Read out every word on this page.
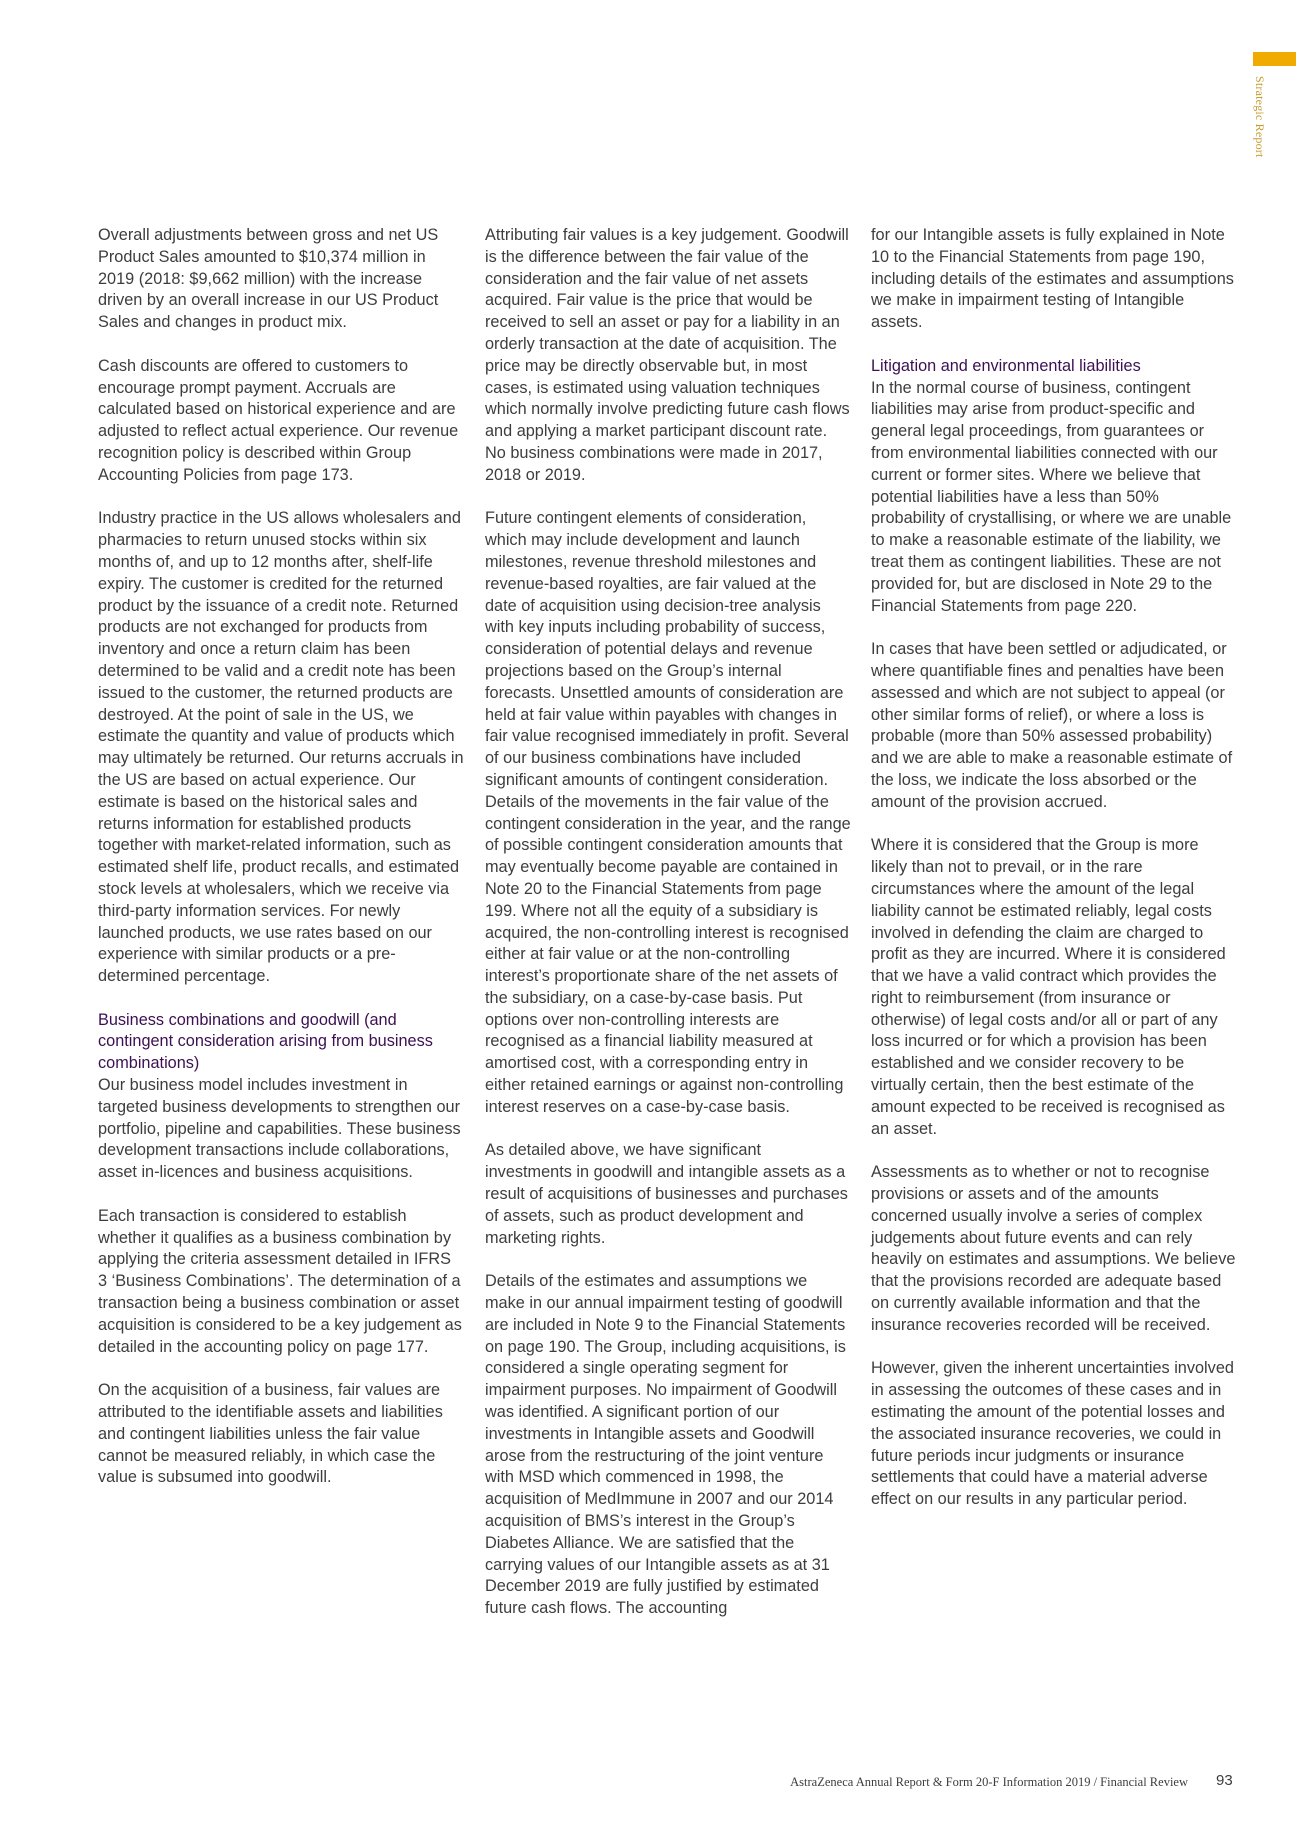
Strategic Report

Overall adjustments between gross and net US Product Sales amounted to $10,374 million in 2019 (2018: $9,662 million) with the increase driven by an overall increase in our US Product Sales and changes in product mix.

Cash discounts are offered to customers to encourage prompt payment. Accruals are calculated based on historical experience and are adjusted to reflect actual experience. Our revenue recognition policy is described within Group Accounting Policies from page 173.

Industry practice in the US allows wholesalers and pharmacies to return unused stocks within six months of, and up to 12 months after, shelf-life expiry. The customer is credited for the returned product by the issuance of a credit note. Returned products are not exchanged for products from inventory and once a return claim has been determined to be valid and a credit note has been issued to the customer, the returned products are destroyed. At the point of sale in the US, we estimate the quantity and value of products which may ultimately be returned. Our returns accruals in the US are based on actual experience. Our estimate is based on the historical sales and returns information for established products together with market-related information, such as estimated shelf life, product recalls, and estimated stock levels at wholesalers, which we receive via third-party information services. For newly launched products, we use rates based on our experience with similar products or a pre-determined percentage.

Business combinations and goodwill (and contingent consideration arising from business combinations)

Our business model includes investment in targeted business developments to strengthen our portfolio, pipeline and capabilities. These business development transactions include collaborations, asset in-licences and business acquisitions.

Each transaction is considered to establish whether it qualifies as a business combination by applying the criteria assessment detailed in IFRS 3 ‘Business Combinations’. The determination of a transaction being a business combination or asset acquisition is considered to be a key judgement as detailed in the accounting policy on page 177.

On the acquisition of a business, fair values are attributed to the identifiable assets and liabilities and contingent liabilities unless the fair value cannot be measured reliably, in which case the value is subsumed into goodwill.

Attributing fair values is a key judgement. Goodwill is the difference between the fair value of the consideration and the fair value of net assets acquired. Fair value is the price that would be received to sell an asset or pay for a liability in an orderly transaction at the date of acquisition. The price may be directly observable but, in most cases, is estimated using valuation techniques which normally involve predicting future cash flows and applying a market participant discount rate. No business combinations were made in 2017, 2018 or 2019.

Future contingent elements of consideration, which may include development and launch milestones, revenue threshold milestones and revenue-based royalties, are fair valued at the date of acquisition using decision-tree analysis with key inputs including probability of success, consideration of potential delays and revenue projections based on the Group’s internal forecasts. Unsettled amounts of consideration are held at fair value within payables with changes in fair value recognised immediately in profit. Several of our business combinations have included significant amounts of contingent consideration. Details of the movements in the fair value of the contingent consideration in the year, and the range of possible contingent consideration amounts that may eventually become payable are contained in Note 20 to the Financial Statements from page 199. Where not all the equity of a subsidiary is acquired, the non-controlling interest is recognised either at fair value or at the non-controlling interest’s proportionate share of the net assets of the subsidiary, on a case-by-case basis. Put options over non-controlling interests are recognised as a financial liability measured at amortised cost, with a corresponding entry in either retained earnings or against non-controlling interest reserves on a case-by-case basis.

As detailed above, we have significant investments in goodwill and intangible assets as a result of acquisitions of businesses and purchases of assets, such as product development and marketing rights.

Details of the estimates and assumptions we make in our annual impairment testing of goodwill are included in Note 9 to the Financial Statements on page 190. The Group, including acquisitions, is considered a single operating segment for impairment purposes. No impairment of Goodwill was identified. A significant portion of our investments in Intangible assets and Goodwill arose from the restructuring of the joint venture with MSD which commenced in 1998, the acquisition of MedImmune in 2007 and our 2014 acquisition of BMS’s interest in the Group’s Diabetes Alliance. We are satisfied that the carrying values of our Intangible assets as at 31 December 2019 are fully justified by estimated future cash flows. The accounting

for our Intangible assets is fully explained in Note 10 to the Financial Statements from page 190, including details of the estimates and assumptions we make in impairment testing of Intangible assets.

Litigation and environmental liabilities

In the normal course of business, contingent liabilities may arise from product-specific and general legal proceedings, from guarantees or from environmental liabilities connected with our current or former sites. Where we believe that potential liabilities have a less than 50% probability of crystallising, or where we are unable to make a reasonable estimate of the liability, we treat them as contingent liabilities. These are not provided for, but are disclosed in Note 29 to the Financial Statements from page 220.

In cases that have been settled or adjudicated, or where quantifiable fines and penalties have been assessed and which are not subject to appeal (or other similar forms of relief), or where a loss is probable (more than 50% assessed probability) and we are able to make a reasonable estimate of the loss, we indicate the loss absorbed or the amount of the provision accrued.

Where it is considered that the Group is more likely than not to prevail, or in the rare circumstances where the amount of the legal liability cannot be estimated reliably, legal costs involved in defending the claim are charged to profit as they are incurred. Where it is considered that we have a valid contract which provides the right to reimbursement (from insurance or otherwise) of legal costs and/or all or part of any loss incurred or for which a provision has been established and we consider recovery to be virtually certain, then the best estimate of the amount expected to be received is recognised as an asset.

Assessments as to whether or not to recognise provisions or assets and of the amounts concerned usually involve a series of complex judgements about future events and can rely heavily on estimates and assumptions. We believe that the provisions recorded are adequate based on currently available information and that the insurance recoveries recorded will be received.

However, given the inherent uncertainties involved in assessing the outcomes of these cases and in estimating the amount of the potential losses and the associated insurance recoveries, we could in future periods incur judgments or insurance settlements that could have a material adverse effect on our results in any particular period.

AstraZeneca Annual Report & Form 20-F Information 2019 / Financial Review 93
